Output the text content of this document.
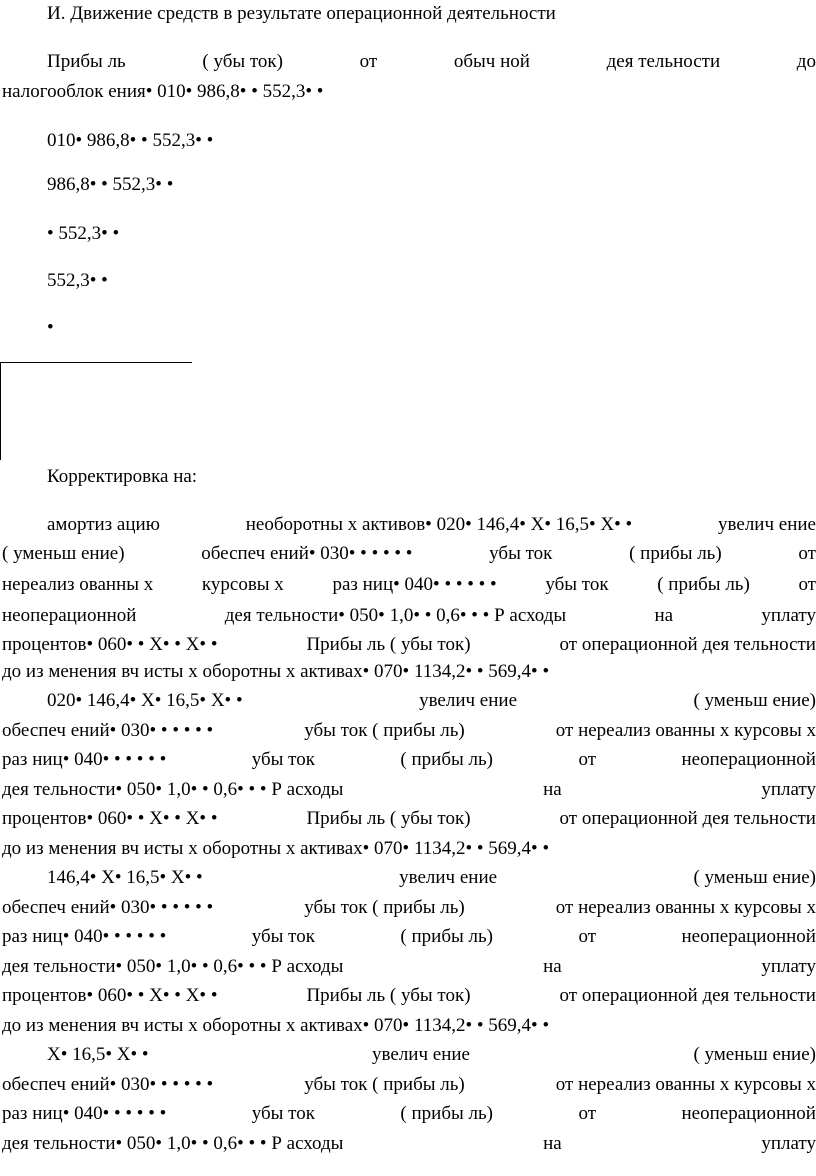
И. Движение средств в результате операционной деятельности
Прибы ль	( убы ток)	от	обыч ной	дея тельности	до
налогооблок ения• 010• 986,8• • 552,3• •
010• 986,8• • 552,3• •
986,8• • 552,3• •
• 552,3• •
552,3• •
•
Корректировка на:
амортиз ацию	необоротны х активов• 020• 146,4• Х• 16,5• Х• •	увелич ение
( уменьш ение)	обеспеч ений• 030• • • • • •	убы ток	( прибы ль)	от
нереализ ованны х	курсовы х	раз ниц• 040• • • • • •	убы ток	( прибы ль)	от
неоперационной	дея тельности• 050• 1,0• • 0,6• • • Р асходы	на	уплату
процентов• 060• • Х• • Х• •	Прибы ль ( убы ток)	от операционной дея тельности
до из менения вч исты х оборотны х активах• 070• 1134,2• • 569,4• •
020• 146,4• Х• 16,5• Х• •	увелич ение	( уменьш ение)
обеспеч ений• 030• • • • • •	убы ток ( прибы ль)	от нереализ ованны х курсовы х
раз ниц• 040• • • • • •	убы ток	( прибы ль)	от	неоперационной
дея тельности• 050• 1,0• • 0,6• • • Р асходы	на	уплату
процентов• 060• • Х• • Х• •	Прибы ль ( убы ток)	от операционной дея тельности
до из менения вч исты х оборотны х активах• 070• 1134,2• • 569,4• •
146,4• Х• 16,5• Х• •	увелич ение	( уменьш ение)
обеспеч ений• 030• • • • • •	убы ток ( прибы ль)	от нереализ ованны х курсовы х
раз ниц• 040• • • • • •	убы ток	( прибы ль)	от	неоперационной
дея тельности• 050• 1,0• • 0,6• • • Р асходы	на	уплату
процентов• 060• • Х• • Х• •	Прибы ль ( убы ток)	от операционной дея тельности
до из менения вч исты х оборотны х активах• 070• 1134,2• • 569,4• •
Х• 16,5• Х• •	увелич ение	( уменьш ение)
обеспеч ений• 030• • • • • •	убы ток ( прибы ль)	от нереализ ованны х курсовы х
раз ниц• 040• • • • • •	убы ток	( прибы ль)	от	неоперационной
дея тельности• 050• 1,0• • 0,6• • • Р асходы	на	уплату
